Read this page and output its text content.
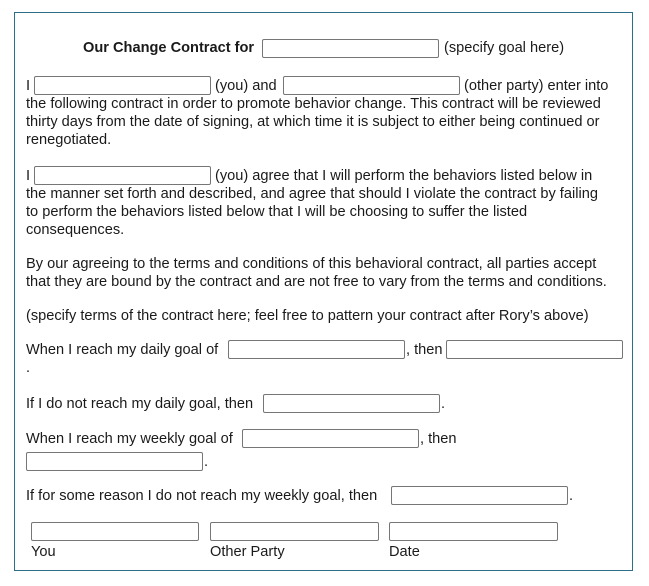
Our Change Contract for	(specify goal here)
I	(you) and	(other party) enter into
the following contract in order to promote behavior change. This contract will be reviewed
thirty days from the date of signing, at which time it is subject to either being continued or
renegotiated.
I	(you) agree that I will perform the behaviors listed below in
the manner set forth and described, and agree that should I violate the contract by failing
to perform the behaviors listed below that I will be choosing to suffer the listed
consequences.
By our agreeing to the terms and conditions of this behavioral contract, all parties accept
that they are bound by the contract and are not free to vary from the terms and conditions.
(specify terms of the contract here; feel free to pattern your contract after Rory’s above)
When I reach my daily goal of	, then
.
If I do not reach my daily goal, then	.
When I reach my weekly goal of	, then
.
If for some reason I do not reach my weekly goal, then	.
You	Other Party	Date
